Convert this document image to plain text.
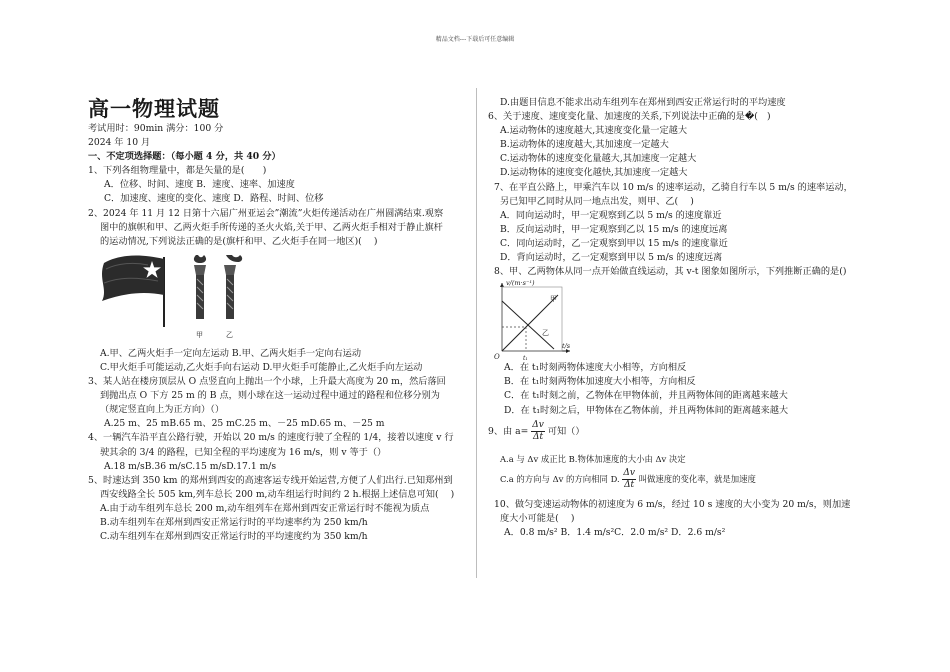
精品文档---下载后可任意编辑

高一物理试题

考试用时：90min 满分：100 分

2024 年 10 月

一、不定项选择题：（每小题 4 分，共 40 分）

1、下列各组物理量中，都是矢量的是(　　)

A．位移、时间、速度 B．速度、速率、加速度

C．加速度、速度的变化、速度 D．路程、时间、位移

2、2024 年 11 月 12 日第十六届广州亚运会”潮流”火炬传递活动在广州圆满结束.观察

图中的旗帜和甲、乙两火炬手所传递的圣火火焰,关于甲、乙两火炬手相对于静止旗杆

的运动情况,下列说法正确的是(旗杆和甲、乙火炬手在同一地区)(　 )

甲	乙

A.甲、乙两火炬手一定向左运动 B.甲、乙两火炬手一定向右运动

C.甲火炬手可能运动,乙火炬手向右运动 D.甲火炬手可能静止,乙火炬手向左运动

3、某人站在楼房顶层从 O 点竖直向上抛出一个小球，上升最大高度为 20 m，然后落回

到抛出点 O 下方 25 m 的 B 点，则小球在这一运动过程中通过的路程和位移分别为

（规定竖直向上为正方向）（）

A.25 m、25 mB.65 m、25 mC.25 m、－25 mD.65 m、－25 m

4、一辆汽车沿平直公路行驶，开始以 20 m/s 的速度行驶了全程的 1/4，接着以速度 v 行

驶其余的 3/4 的路程，已知全程的平均速度为 16 m/s，则 v 等于（）

A.18 m/sB.36 m/sC.15 m/sD.17.1 m/s

5、时速达到 350 km 的郑州到西安的高速客运专线开始运营,方便了人们出行.已知郑州到

西安线路全长 505 km,列车总长 200 m,动车组运行时间约 2 h.根据上述信息可知(　 )

A.由于动车组列车总长 200 m,动车组列车在郑州到西安正常运行时不能视为质点

B.动车组列车在郑州到西安正常运行时的平均速率约为 250 km/h

C.动车组列车在郑州到西安正常运行时的平均速度约为 350 km/h

D.由题目信息不能求出动车组列车在郑州到西安正常运行时的平均速度

6、关于速度、速度变化量、加速度的关系,下列说法中正确的是�(　)

A.运动物体的速度越大,其速度变化量一定越大

B.运动物体的速度越大,其加速度一定越大

C.运动物体的速度变化量越大,其加速度一定越大

D.运动物体的速度变化越快,其加速度一定越大

7、在平直公路上，甲乘汽车以 10 m/s 的速率运动，乙骑自行车以 5 m/s 的速率运动，

另已知甲乙同时从同一地点出发，则甲、乙(　 )

A．同向运动时，甲一定观察到乙以 5 m/s 的速度靠近

B．反向运动时，甲一定观察到乙以 15 m/s 的速度远离

C．同向运动时，乙一定观察到甲以 15 m/s 的速度靠近

D．背向运动时，乙一定观察到甲以 5 m/s 的速度远离

8、甲、乙两物体从同一点开始做直线运动，其 v-t 图象如图所示，下列推断正确的是()

v/(m·s⁻¹)
t/s
O	t₁
甲
乙

A．在 t₁时刻两物体速度大小相等，方向相反

B．在 t₁时刻两物体加速度大小相等，方向相反

C．在 t₁时刻之前，乙物体在甲物体前，并且两物体间的距离越来越大

D．在 t₁时刻之后，甲物体在乙物体前，并且两物体间的距离越来越大

9、由 $a= \frac{\Delta v}{\Delta t}$ 可知（）

A.a 与 Δv 成正比 B.物体加速度的大小由 Δv 决定

C.a 的方向与 Δv 的方向相同 D. $\frac{\Delta v}{\Delta t}$ 叫做速度的变化率，就是加速度

10、做匀变速运动物体的初速度为 6 m/s，经过 10 s 速度的大小变为 20 m/s，则加速

度大小可能是(　 )

A．0.8 m/s² B．1.4 m/s²C．2.0 m/s² D．2.6 m/s²
